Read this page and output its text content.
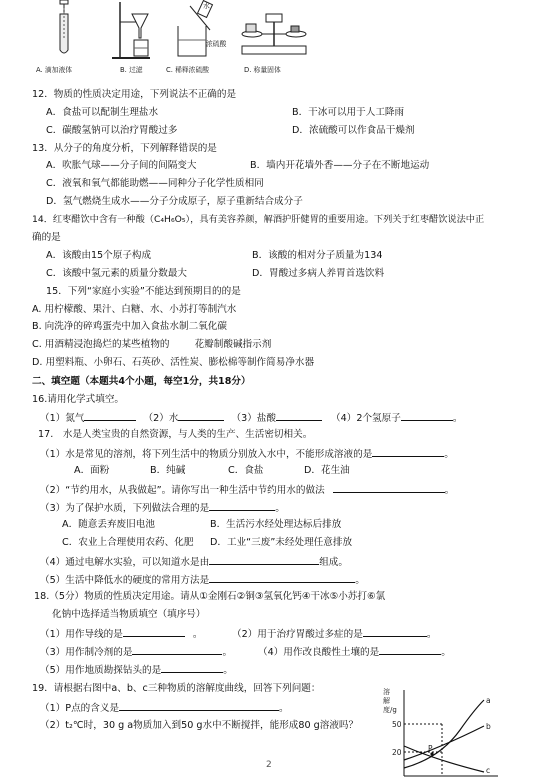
A. 滴加液体	B. 过滤
水
浓硫酸
C. 稀释浓硫酸	D. 称量固体
12．物质的性质决定用途，下列说法不正确的是
A．食盐可以配制生理盐水	B．干冰可以用于人工降雨
C．碳酸氢钠可以治疗胃酸过多	D．浓硫酸可以作食品干燥剂
13．从分子的角度分析，下列解释错误的是
A．吹胀气球——分子间的间隔变大	B．墙内开花墙外香——分子在不断地运动
C．液氧和氧气都能助燃——同种分子化学性质相同
D．氢气燃烧生成水——分子分成原子，原子重新结合成分子
14．红枣醋饮中含有一种酸（C₄H₆O₅），具有美容养颜，解酒护肝健胃的重要用途。下列关于红枣醋饮说法中正
确的是
A．该酸由15个原子构成	B．该酸的相对分子质量为134
C．该酸中氢元素的质量分数最大	D．胃酸过多病人养胃首选饮料
15．下列“家庭小实验”不能达到预期目的的是
A. 用柠檬酸、果汁、白糖、水、小苏打等制汽水
B. 向洗净的碎鸡蛋壳中加入食盐水制二氧化碳
C. 用酒精浸泡捣烂的某些植物的	花瓣制酸碱指示剂
D. 用塑料瓶、小卵石、石英砂、活性炭、膨松棉等制作简易净水器
二、填空题（本题共4个小题，每空1分，共18分）
16.请用化学式填空。
（1）氮气	（2）水	（3）盐酸	（4）2个氢原子	。
17.　水是人类宝贵的自然资源，与人类的生产、生活密切相关。
（1）水是常见的溶剂，将下列生活中的物质分别放入水中，不能形成溶液的是	。
A．面粉	B．纯碱	C．食盐	D．花生油
（2）“节约用水，从我做起”。请你写出一种生活中节约用水的做法	。
（3）为了保护水质，下列做法合理的是	。
A．随意丢弃废旧电池	B．生活污水经处理达标后排放
C．农业上合理使用农药、化肥 D．工业“三废”未经处理任意排放
（4）通过电解水实验，可以知道水是由	组成。
（5）生活中降低水的硬度的常用方法是	。
18.（5分）物质的性质决定用途。请从①金刚石②铜③氢氧化钙④干冰⑤小苏打⑥氯
化钠中选择适当物质填空（填序号）
（1）用作导线的是	。	（2）用于治疗胃酸过多症的是	。
（3）用作制冷剂的是	。	（4）用作改良酸性土壤的是	。
（5）用作地质勘探钻头的是	。
19．请根据右图中a、b、c三种物质的溶解度曲线，回答下列问题：
（1）P点的含义是	。
（2）t₂℃时，30 g a物质加入到50 g水中不断搅拌，能形成80 g溶液吗？
溶解度/g
50
20	P
a
b
c
2
